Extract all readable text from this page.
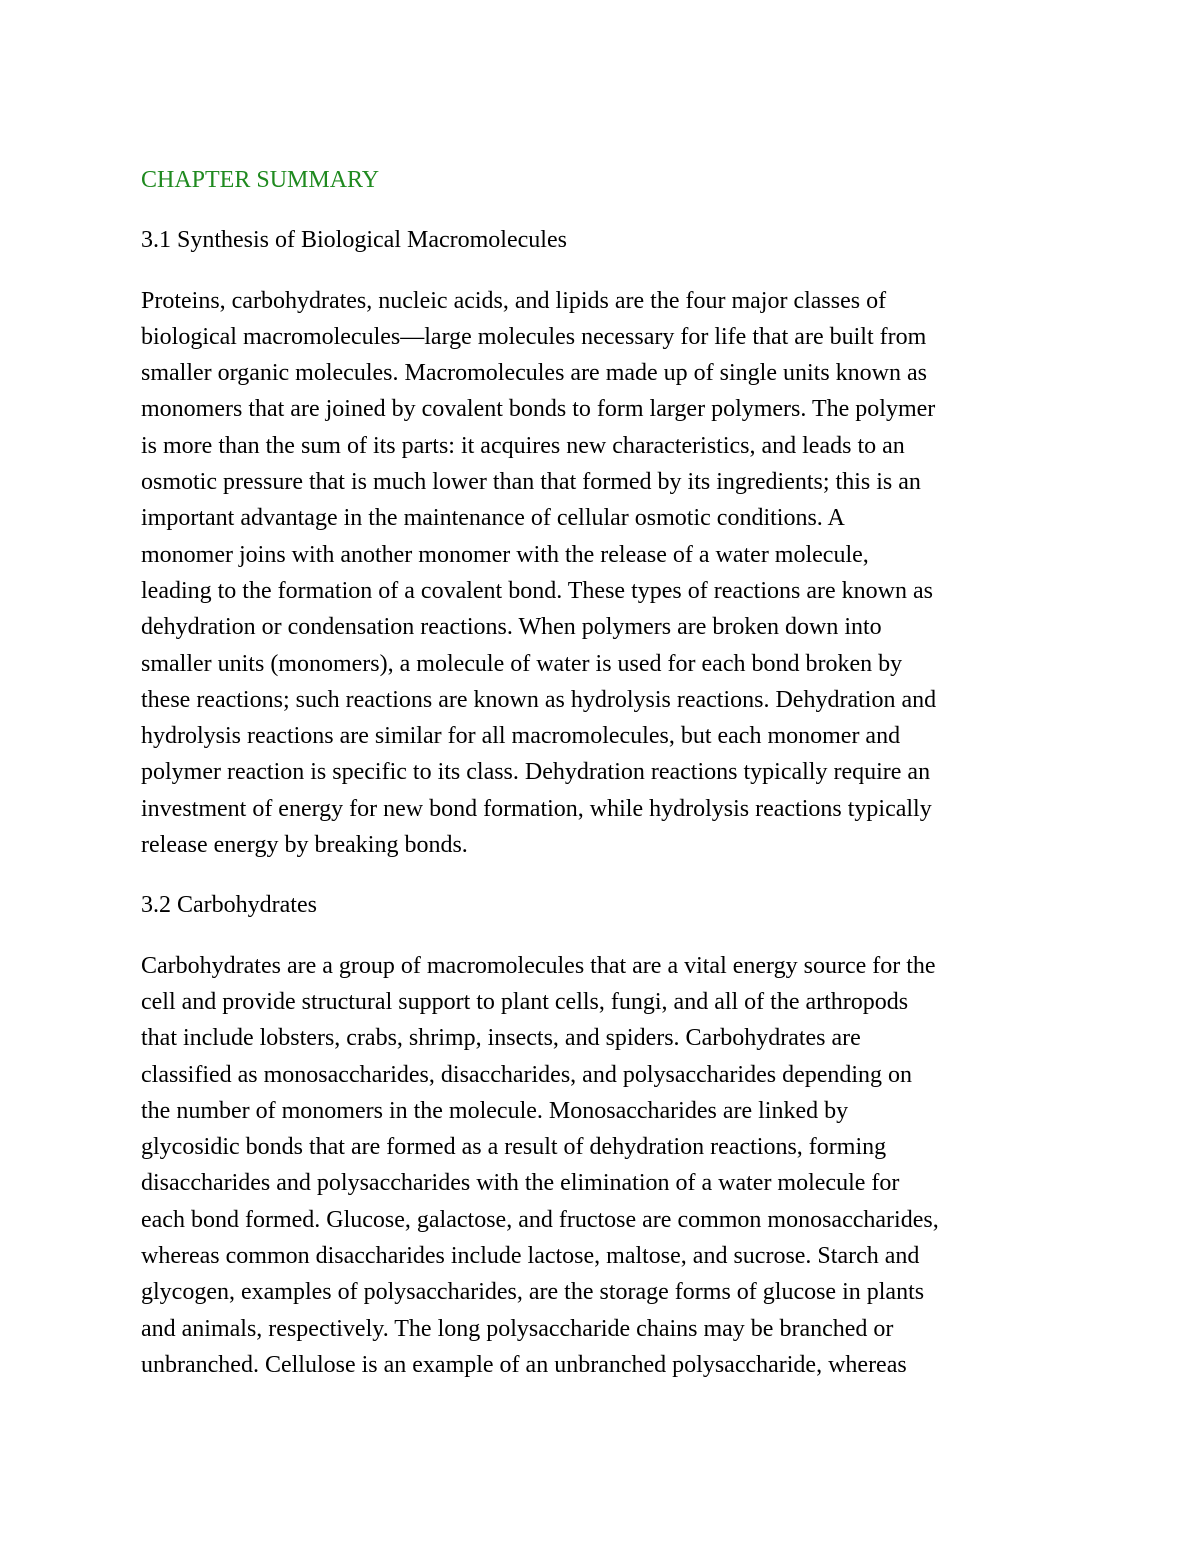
CHAPTER SUMMARY
3.1 Synthesis of Biological Macromolecules

Proteins, carbohydrates, nucleic acids, and lipids are the four major classes of
biological macromolecules—large molecules necessary for life that are built from
smaller organic molecules. Macromolecules are made up of single units known as
monomers that are joined by covalent bonds to form larger polymers. The polymer
is more than the sum of its parts: it acquires new characteristics, and leads to an
osmotic pressure that is much lower than that formed by its ingredients; this is an
important advantage in the maintenance of cellular osmotic conditions. A
monomer joins with another monomer with the release of a water molecule,
leading to the formation of a covalent bond. These types of reactions are known as
dehydration or condensation reactions. When polymers are broken down into
smaller units (monomers), a molecule of water is used for each bond broken by
these reactions; such reactions are known as hydrolysis reactions. Dehydration and
hydrolysis reactions are similar for all macromolecules, but each monomer and
polymer reaction is specific to its class. Dehydration reactions typically require an
investment of energy for new bond formation, while hydrolysis reactions typically
release energy by breaking bonds.

3.2 Carbohydrates

Carbohydrates are a group of macromolecules that are a vital energy source for the
cell and provide structural support to plant cells, fungi, and all of the arthropods
that include lobsters, crabs, shrimp, insects, and spiders. Carbohydrates are
classified as monosaccharides, disaccharides, and polysaccharides depending on
the number of monomers in the molecule. Monosaccharides are linked by
glycosidic bonds that are formed as a result of dehydration reactions, forming
disaccharides and polysaccharides with the elimination of a water molecule for
each bond formed. Glucose, galactose, and fructose are common monosaccharides,
whereas common disaccharides include lactose, maltose, and sucrose. Starch and
glycogen, examples of polysaccharides, are the storage forms of glucose in plants
and animals, respectively. The long polysaccharide chains may be branched or
unbranched. Cellulose is an example of an unbranched polysaccharide, whereas
